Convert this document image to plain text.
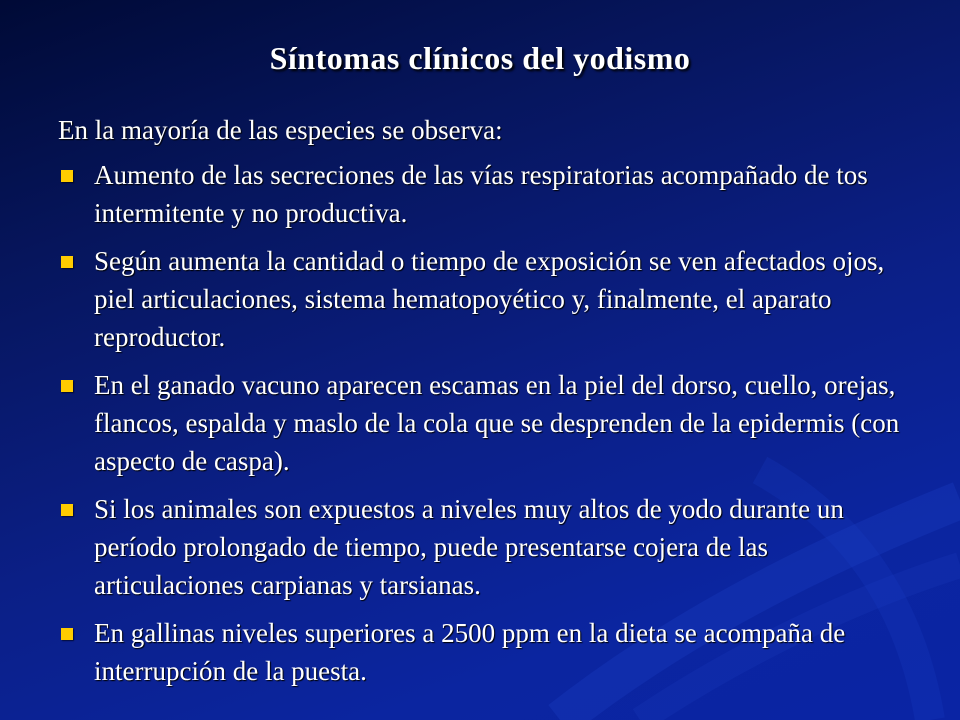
Síntomas clínicos del yodismo
En la mayoría de las especies se observa:
Aumento de las secreciones de las vías respiratorias acompañado de tos intermitente y no productiva.
Según aumenta la cantidad o tiempo de exposición se ven afectados ojos, piel articulaciones, sistema hematopoyético y, finalmente, el aparato reproductor.
En el ganado vacuno aparecen escamas en la piel del dorso, cuello, orejas, flancos, espalda y maslo de la cola que se desprenden de la epidermis (con aspecto de caspa).
Si los animales son expuestos a niveles muy altos de yodo durante un período prolongado de tiempo, puede presentarse cojera de las articulaciones carpianas y tarsianas.
En gallinas niveles superiores a 2500 ppm en la dieta se acompaña de interrupción de la puesta.
